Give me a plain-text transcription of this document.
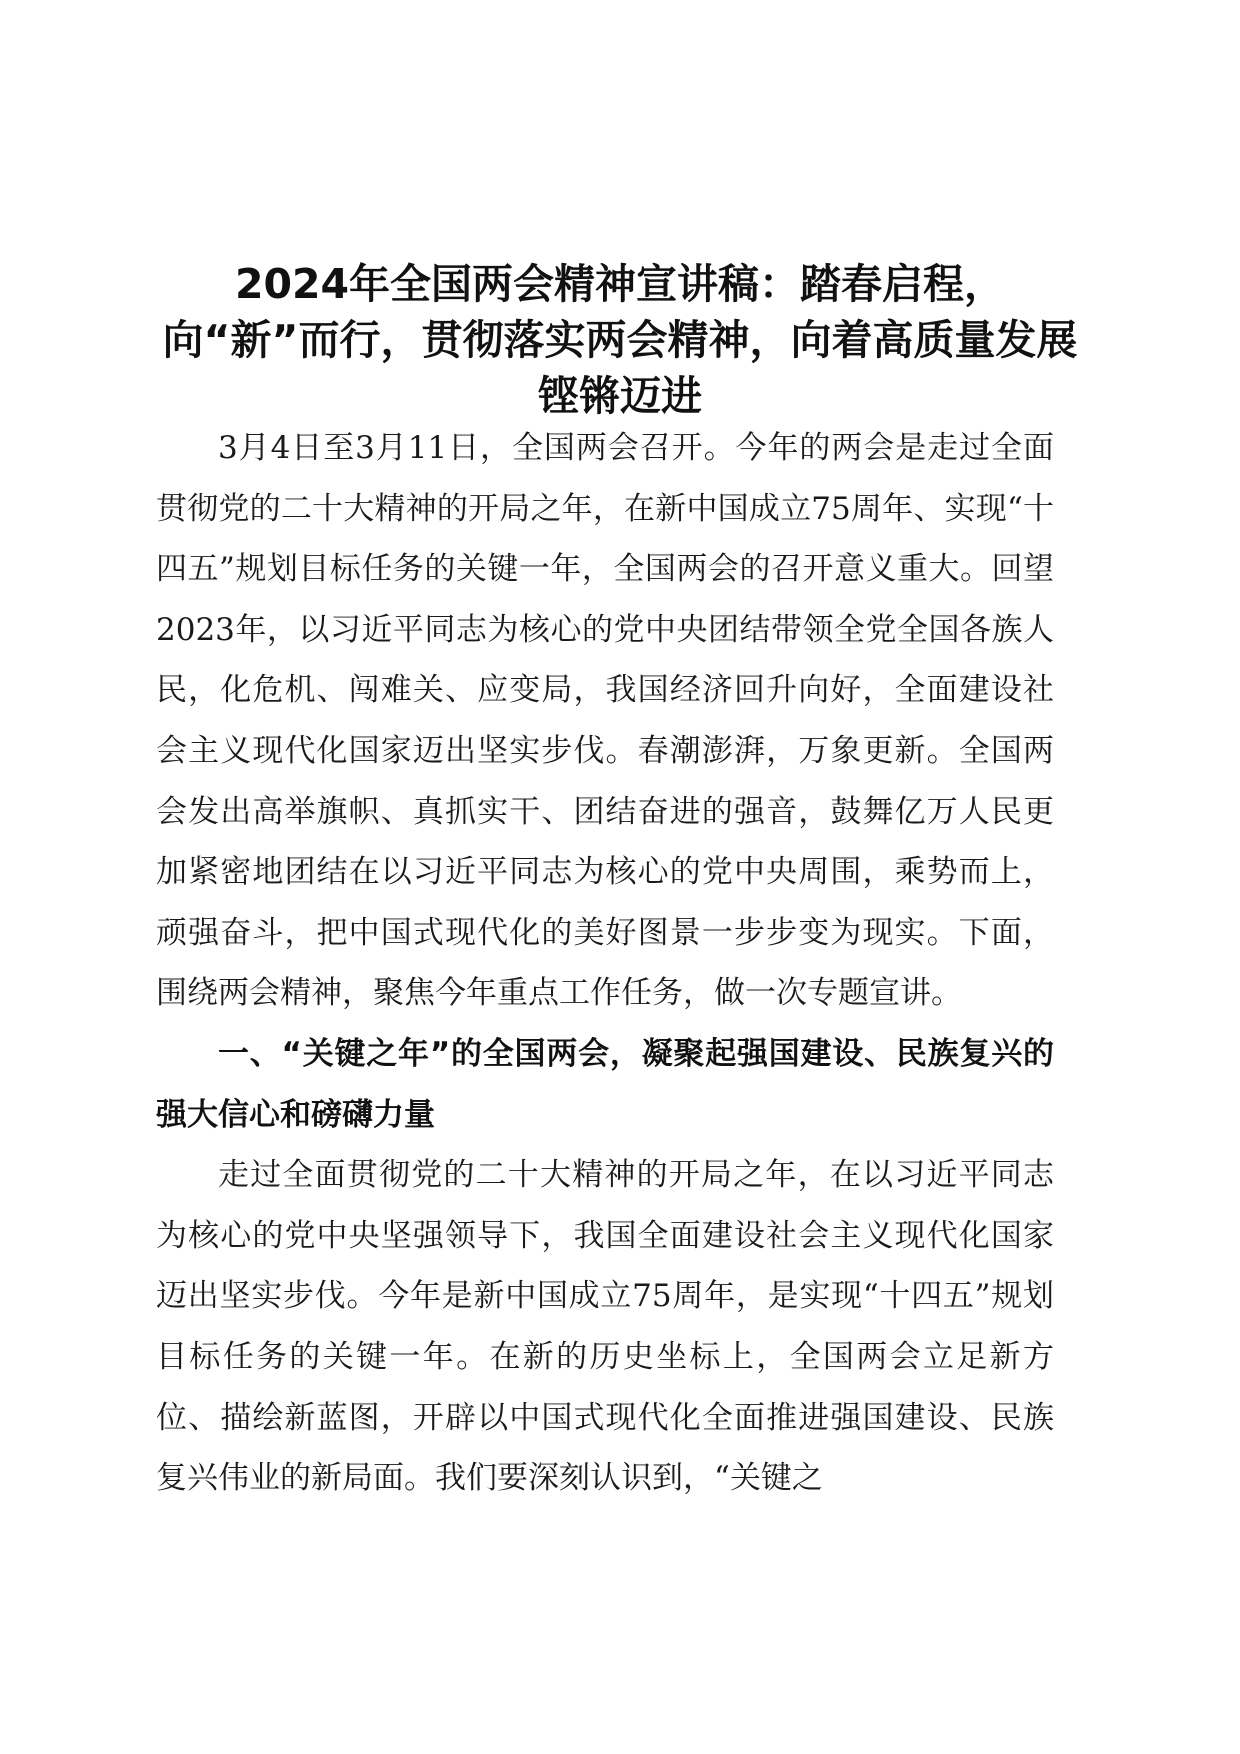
2024年全国两会精神宣讲稿：踏春启程，向“新”而行，贯彻落实两会精神，向着高质量发展铿锵迈进

3月4日至3月11日，全国两会召开。今年的两会是走过全面贯彻党的二十大精神的开局之年，在新中国成立75周年、实现“十四五”规划目标任务的关键一年，全国两会的召开意义重大。回望2023年，以习近平同志为核心的党中央团结带领全党全国各族人民，化危机、闯难关、应变局，我国经济回升向好，全面建设社会主义现代化国家迈出坚实步伐。春潮澎湃，万象更新。全国两会发出高举旗帜、真抓实干、团结奋进的强音，鼓舞亿万人民更加紧密地团结在以习近平同志为核心的党中央周围，乘势而上，顽强奋斗，把中国式现代化的美好图景一步步变为现实。下面，围绕两会精神，聚焦今年重点工作任务，做一次专题宣讲。

一、“关键之年”的全国两会，凝聚起强国建设、民族复兴的强大信心和磅礴力量

走过全面贯彻党的二十大精神的开局之年，在以习近平同志为核心的党中央坚强领导下，我国全面建设社会主义现代化国家迈出坚实步伐。今年是新中国成立75周年，是实现“十四五”规划目标任务的关键一年。在新的历史坐标上，全国两会立足新方位、描绘新蓝图，开辟以中国式现代化全面推进强国建设、民族复兴伟业的新局面。我们要深刻认识到，“关键之
